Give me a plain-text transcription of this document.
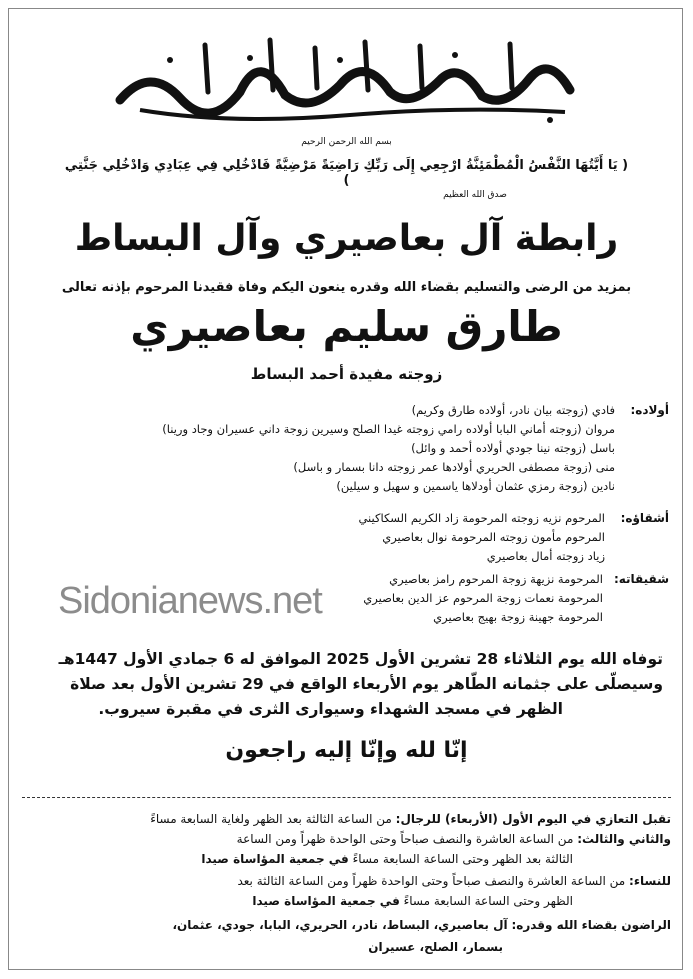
بسم الله الرحمن الرحيم
( يَا أَيَّتُهَا النَّفْسُ الْمُطْمَئِنَّةُ ارْجِعِي إِلَى رَبِّكِ رَاضِيَةً مَرْضِيَّةً فَادْخُلِي فِي عِبَادِي وَادْخُلِي جَنَّتِي )
صدق الله العظيم
رابطة آل بعاصيري وآل البساط
بمزيد من الرضى والتسليم بقضاء الله وقدره ينعون اليكم وفاة فقيدنا المرحوم بإذنه تعالى
طارق سليم بعاصيري
زوجته مفيدة أحمد البساط
أولاده:
فادي (زوجته بيان نادر، أولاده طارق وكريم)
مروان (زوجته أماني البابا أولاده رامي زوجته غيدا الصلح وسيرين زوجة داني عسيران وجاد ورينا)
باسل (زوجته نينا جودي أولاده أحمد و وائل)
منى (زوجة مصطفى الحريري أولادها عمر زوجته دانا بسمار و باسل)
نادين (زوجة رمزي عثمان أودلاها ياسمين و سهيل و سيلين)
أشقاؤه:
المرحوم نزيه زوجته المرحومة زاد الكريم السكاكيني
المرحوم مأمون زوجته المرحومة نوال بعاصيري
زياد زوجته أمال بعاصيري
شقيقاته:
المرحومة نزيهة زوجة المرحوم رامز بعاصيري
المرحومة نعمات زوجة المرحوم عز الدين بعاصيري
المرحومة جهينة زوجة بهيج بعاصيري
Sidonianews.net
توفاه الله يوم الثلاثاء 28 تشرين الأول 2025 الموافق له 6 جمادي الأول 1447هـ
وسيصلّى على جثمانه الطّاهر يوم الأربعاء الواقع في 29 تشرين الأول بعد صلاة
الظهر في مسجد الشهداء وسيوارى الثرى في مقبرة سيروب.
إنّا لله وإنّا إليه راجعون
تقبل التعازي في اليوم الأول (الأربعاء) للرجال: من الساعة الثالثة بعد الظهر ولغاية السابعة مساءً
والثاني والثالث: من الساعة العاشرة والنصف صباحاً وحتى الواحدة ظهراً ومن الساعة
الثالثة بعد الظهر وحتى الساعة السابعة مساءً في جمعية المؤاساة صيدا
للنساء: من الساعة العاشرة والنصف صباحاً وحتى الواحدة ظهراً ومن الساعة الثالثة بعد
الظهر وحتى الساعة السابعة مساءً في جمعية المؤاساة صيدا
الراضون بقضاء الله وقدره: آل بعاصيري، البساط، نادر، الحريري، البابا، جودي، عثمان،
بسمار، الصلح، عسيران
